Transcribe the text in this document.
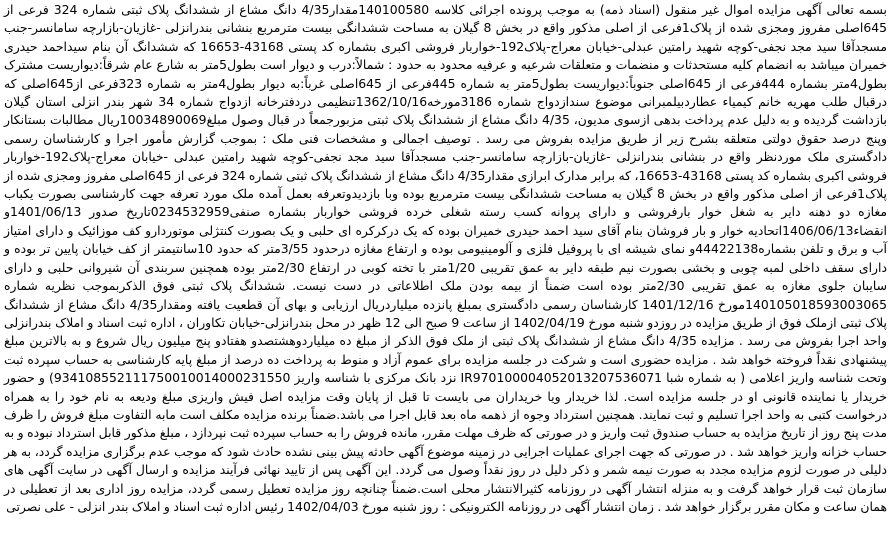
بسمه تعالی آگهی مزایده اموال غیر منقول (اسناد ذمه) به موجب پرونده اجرائی کلاسه 140100580مقدار4/35 دانگ مشاع از ششدانگ پلاک ثبتی شماره 324 فرعی از 645اصلی مفروز ومجزی شده از پلاک1فرعی از اصلی مذکور واقع در بخش 8 گیلان به مساحت ششدانگی بیست مترمربع بنشانی بندرانزلی -غازیان-بازارچه سامانسر-جنب مسجدآقا سید مجد نجفی-کوچه شهید رامتین عبدلی-خیابان معراج-پلاک192-خواربار فروشی اکبری بشماره کد پستی 43168-16653 که ششدانگ آن بنام سیداحمد حیدری خمیران میباشد به انضمام کلیه مستحدثات و منضمات و متعلقات شرعیه و عرفیه محدود به حدود : شمالاً:درب و دیوار است بطول5متر به شارع عام شرقاً:دیواریست مشترک بطول4متر بشماره 444فرعی از 645اصلی جنوباً:دیواریست بطول5متر به شماره 445فرعی از 645اصلی غرباً:به دیوار بطول4متر به شماره 323فرعی از645اصلی که درقبال طلب مهریه خانم کیمیاء عطاردبیلمبرانی موضوع سندازدواج شماره 3186مورخه1362/10/16تنظیمی دردفترخانه ازدواج شماره 34 شهر بندر انزلی استان گیلان بازداشت گردیده و به دلیل عدم پرداخت بدهی ازسوی مدیون، 4/35 دانگ مشاع از ششدانگ پلاک ثبتی مزبورجمعاً در قبال وصول مبلغ10034890069ریال مطالبات بستانکار وپنج درصد حقوق دولتی متعلقه بشرح زیر از طریق مزایده بفروش می رسد . توصیف اجمالی و مشخصات فنی ملک : بموجب گزارش مأمور اجرا و کارشناسان رسمی دادگستری ملک موردنظر واقع در بنشانی بندرانزلی -غازیان-بازارچه سامانسر-جنب مسجدآقا سید مجد نجفی-کوچه شهید رامتین عبدلی -خیابان معراج-پلاک192-خواربار فروشی اکبری بشماره کد پستی 43168-16653، که برابر مدارک ابرازی مقدار4/35 دانگ مشاع از ششدانگ پلاک ثبتی شماره 324 فرعی از 645اصلی مفروز ومجزی شده از پلاک1فرعی از اصلی مذکور واقع در بخش 8 گیلان به مساحت ششدانگی بیست مترمربع بوده وبا بازدیدوتعرفه بعمل آمده ملک مورد تعرفه جهت کارشناسی بصورت یکباب مغازه دو دهنه دایر به شغل خوار بارفروشی و دارای پروانه کسب رسته شغلی خرده فروشی خواربار بشماره صنفی0234532959تاریخ صدور 1401/06/13و انقضاء1406/06/13اتحادیه خوار و بار فروشان بنام آقای سید احمد حیدری خمیران بوده که یک درکرکره ای حلبی و یک بصورت کنتژلی موتوردارو کف موزائیک و دارای امتیاز آب و برق و تلفن بشماره44422138و نمای شیشه ای با پروفیل فلزی و آلومینیومی بوده و ارتفاع مغازه درحدود 3/55متر که حدود 10سانتیمتر از کف خیابان پایین تر بوده و دارای سقف داخلی لمبه چوبی و بخشی بصورت نیم طبقه دایر به عمق تقریبی 1/20متر با تخته کوبی در ارتفاع 2/30متر بوده همچنین سربندی آن شیروانی حلبی و دارای سایبان جلوی مغازه به عمق تقریبی 2/30متر بوده است ضمناً از بیمه بودن ملک اطلاعاتی در دست نیست. ششدانگ پلاک ثبتی فوق الذکربموجب نظریه شماره 140105018593003065مورخ 1401/12/16 کارشناسان رسمی دادگستری بمبلغ پانزده میلیاردریال ارزیابی و بهای آن قطعیت یافته ومقدار4/35 دانگ مشاع از ششدانگ پلاک ثبتی ازملک فوق از طریق مزایده در روزدو شنبه مورخ 1402/04/19 از ساعت 9 صبح الی 12 ظهر در محل بندرانزلی-خیابان تکاوران ، اداره ثبت اسناد و املاک بندرانزلی واحد اجرا بفروش می رسد . مزایده 4/35 دانگ مشاع از ششدانگ پلاک ثبتی از ملک فوق الذکر از مبلغ ده میلیاردوهشتصدو هفتادو پنج میلیون ریال شروع و به بالاترین مبلغ پیشنهادی نقداً فروخته خواهد شد . مزایده حضوری است و شرکت در جلسه مزایده برای عموم آزاد و منوط به پرداخت ده درصد از مبلغ پایه کارشناسی به حساب سپرده ثبت وتحت شناسه واریز اعلامی ( به شماره شبا IR970100004052013207536071 نزد بانک مرکزی با شناسه واریز 934108552111750010014000231550) و حضور خریدار یا نماینده قانونی او در جلسه مزایده است. لذا خریدار ویا خریداران می بایست تا قبل از پایان وقت مزایده اصل فیش واریزی مبلغ ودیعه به نام خود را به همراه درخواست کتبی به واحد اجرا تسلیم و ثبت نمایند. همچنین استرداد وجوه از ذهمه ماه بعد قابل اجرا می باشد.ضمناً برنده مزایده مکلف است مابه التفاوت مبلغ فروش را ظرف مدت پنج روز از تاریخ مزایده به حساب صندوق ثبت واریز و در صورتی که ظرف مهلت مقرر، مانده فروش را به حساب سپرده ثبت نپردازد ، مبلغ مذکور قابل استرداد نبوده و به حساب خزانه واریز خواهد شد . در صورتی که جهت اجرای عملیات اجرایی در زمینه موضوع آگهی حادثه پیش بینی نشده حادث شود که موجب عدم برگزاری مزایده گردد، به هر دلیلی در صورت لزوم مزایده مجدد به صورت نیمه شمر و ذکر دلیل در روز نقداً وصول می گردد. این آگهی پس از تایید نهائی فرآیند مزایده و ارسال آگهی در سایت آگهی های سازمان ثبت قرار خواهد گرفت و به منزله انتشار آگهی در روزنامه کثیرالانتشار محلی است.ضمناً چنانچه روز مزایده تعطیل رسمی گردد، مزایده روز اداری بعد از تعطیلی در همان ساعت و مکان مقرر برگزار خواهد شد . زمان انتشار آگهی در روزنامه الکترونیکی : روز شنبه مورخ 1402/04/03 رئیس اداره ثبت اسناد و املاک بندر انزلی - علی نصرتی
